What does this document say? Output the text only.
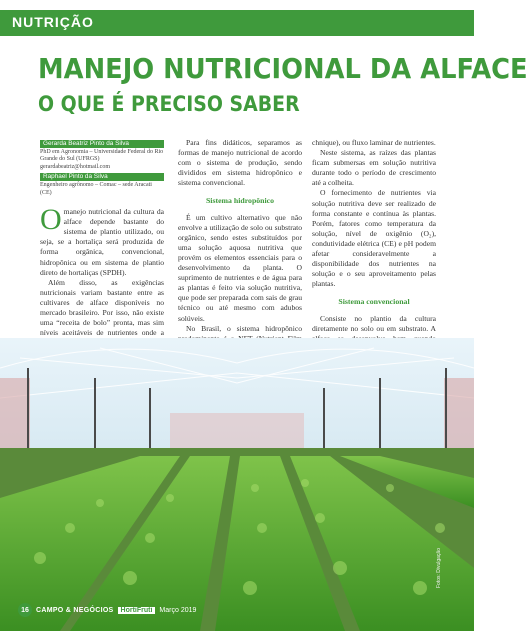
NUTRIÇÃO
MANEJO NUTRICIONAL DA ALFACE
O QUE É PRECISO SABER
Gerarda Beatriz Pinto da Silva
PhD em Agronomia – Universidade Federal do Rio Grande do Sul (UFRGS)
gerardabeatriz@hotmail.com
Raphael Pinto da Silva
Engenheiro agrônomo – Comac – sede Aracati (CE)

Omanejo nutricional da cultura da alface depende bastante do sistema de plantio utilizado, ou seja, se a hortaliça será produzida de forma orgânica, convencional, hidropônica ou em sistema de plantio direto de hortaliças (SPDH).

Além disso, as exigências nutricionais variam bastante entre as cultivares de alface disponíveis no mercado brasileiro. Por isso, não existe uma “receita de bolo” pronta, mas sim níveis aceitáveis de nutrientes onde a

Para fins didáticos, separamos as formas de manejo nutricional de acordo com o sistema de produção, sendo divididos em sistema hidropônico e sistema convencional.

Sistema hidropônico

É um cultivo alternativo que não envolve a utilização de solo ou substrato orgânico, sendo estes substituídos por uma solução aquosa nutritiva que provém os elementos essenciais para o desenvolvimento da planta. O suprimento de nutrientes e de água para as plantas é feito via solução nutritiva, que pode ser preparada com sais de grau técnico ou até mesmo com adubos solúveis.

No Brasil, o sistema hidropônico

chnique), ou fluxo laminar de nutrientes.

Neste sistema, as raízes das plantas ficam submersas em solução nutritiva durante todo o período de crescimento até a colheita.

O fornecimento de nutrientes via solução nutritiva deve ser realizado de forma constante e contínua às plantas. Porém, fatores como temperatura da solução, nível de oxigênio (O₂), condutividade elétrica (CE) e pH podem afetar consideravelmente a disponibilidade dos nutrientes na solução e o seu aproveitamento pelas plantas.

Sistema convencional

Consiste no plantio da cultura diretamente no solo ou em substrato. A

Fotos: Divulgação
16	CAMPO & NEGÓCIOS	HortiFruti	Março 2019
